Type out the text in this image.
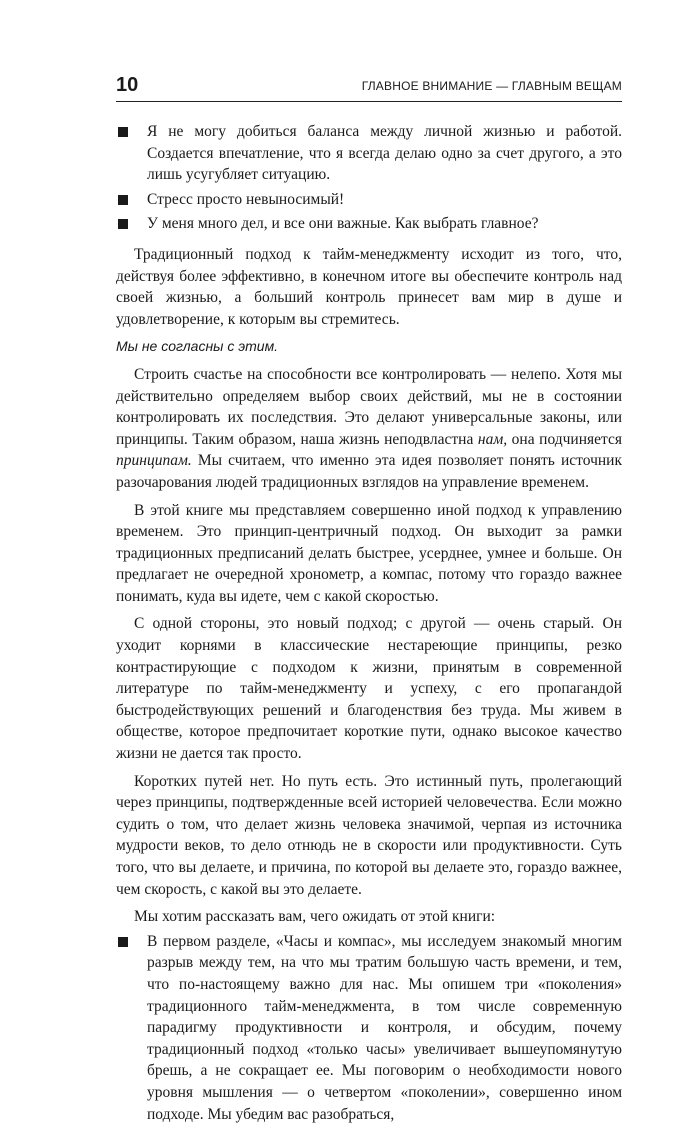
10	ГЛАВНОЕ ВНИМАНИЕ — ГЛАВНЫМ ВЕЩАМ
Я не могу добиться баланса между личной жизнью и работой. Создается впечатление, что я всегда делаю одно за счет другого, а это лишь усугубляет ситуацию.
Стресс просто невыносимый!
У меня много дел, и все они важные. Как выбрать главное?

Традиционный подход к тайм-менеджменту исходит из того, что, действуя более эффективно, в конечном итоге вы обеспечите контроль над своей жизнью, а больший контроль принесет вам мир в душе и удовлетворение, к которым вы стремитесь.

Мы не согласны с этим.

Строить счастье на способности все контролировать — нелепо. Хотя мы действительно определяем выбор своих действий, мы не в состоянии контролировать их последствия. Это делают универсальные законы, или принципы. Таким образом, наша жизнь неподвластна нам, она подчиняется принципам. Мы считаем, что именно эта идея позволяет понять источник разочарования людей традиционных взглядов на управление временем.

В этой книге мы представляем совершенно иной подход к управлению временем. Это принцип-центричный подход. Он выходит за рамки традиционных предписаний делать быстрее, усерднее, умнее и больше. Он предлагает не очередной хронометр, а компас, потому что гораздо важнее понимать, куда вы идете, чем с какой скоростью.

С одной стороны, это новый подход; с другой — очень старый. Он уходит корнями в классические нестареющие принципы, резко контрастирующие с подходом к жизни, принятым в современной литературе по тайм-менеджменту и успеху, с его пропагандой быстродействующих решений и благоденствия без труда. Мы живем в обществе, которое предпочитает короткие пути, однако высокое качество жизни не дается так просто.

Коротких путей нет. Но путь есть. Это истинный путь, пролегающий через принципы, подтвержденные всей историей человечества. Если можно судить о том, что делает жизнь человека значимой, черпая из источника мудрости веков, то дело отнюдь не в скорости или продуктивности. Суть того, что вы делаете, и причина, по которой вы делаете это, гораздо важнее, чем скорость, с какой вы это делаете.

Мы хотим рассказать вам, чего ожидать от этой книги:

В первом разделе, «Часы и компас», мы исследуем знакомый многим разрыв между тем, на что мы тратим большую часть времени, и тем, что по-настоящему важно для нас. Мы опишем три «поколения» традиционного тайм-менеджмента, в том числе современную парадигму продуктивности и контроля, и обсудим, почему традиционный подход «только часы» увеличивает вышеупомянутую брешь, а не сокращает ее. Мы поговорим о необходимости нового уровня мышления — о четвертом «поколении», совершенно ином подходе. Мы убедим вас разобраться,
